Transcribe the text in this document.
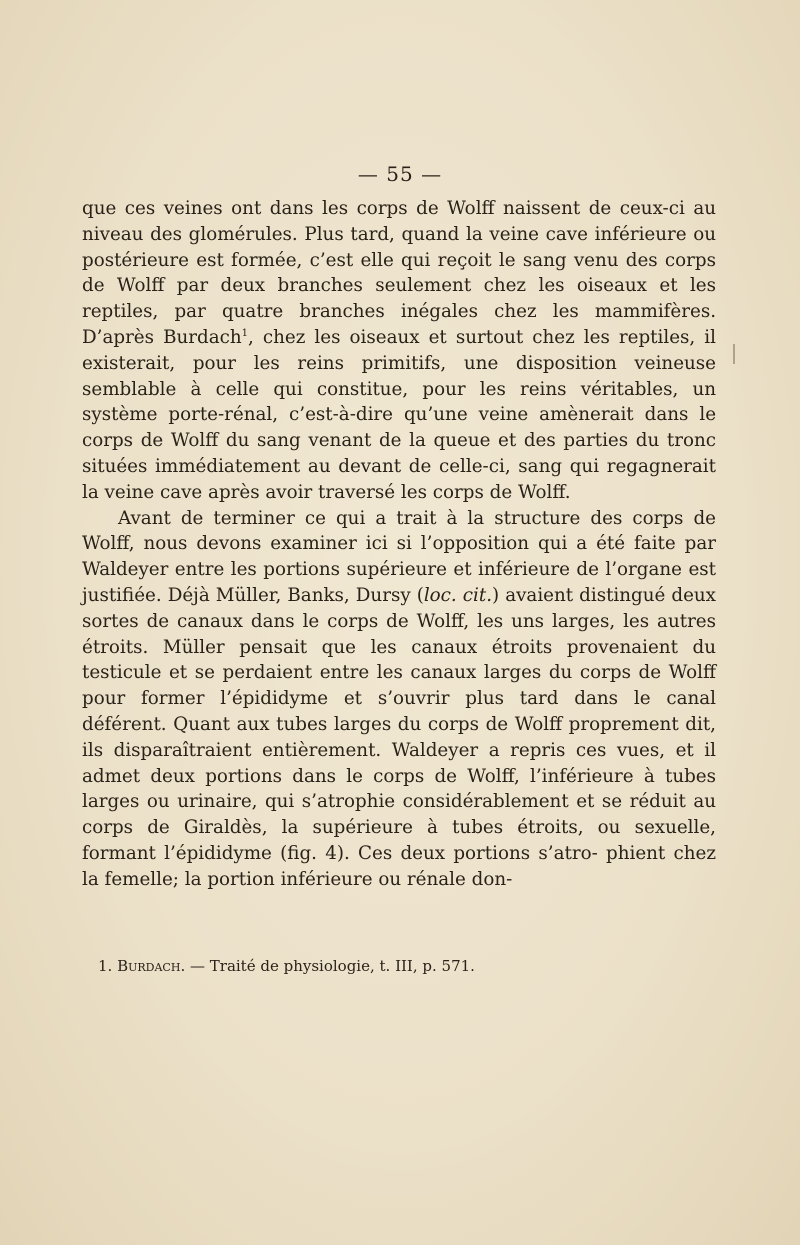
— 55 —

que ces veines ont dans les corps de Wolff naissent de ceux-ci au niveau des glomérules. Plus tard, quand la veine cave inférieure ou postérieure est formée, c’est elle qui reçoit le sang venu des corps de Wolff par deux branches seulement chez les oiseaux et les reptiles, par quatre branches inégales chez les mammifères. D’après Burdach$^1$, chez les oiseaux et surtout chez les reptiles, il existerait, pour les reins primitifs, une disposition veineuse semblable à celle qui constitue, pour les reins véritables, un système porte-rénal, c’est-à-dire qu’une veine amènerait dans le corps de Wolff du sang venant de la queue et des parties du tronc situées immédiatement au devant de celle-ci, sang qui regagnerait la veine cave après avoir traversé les corps de Wolff.

Avant de terminer ce qui a trait à la structure des corps de Wolff, nous devons examiner ici si l’opposition qui a été faite par Waldeyer entre les portions supérieure et inférieure de l’organe est justifiée. Déjà Müller, Banks, Dursy (loc. cit.) avaient distingué deux sortes de canaux dans le corps de Wolff, les uns larges, les autres étroits. Müller pensait que les canaux étroits provenaient du testicule et se perdaient entre les canaux larges du corps de Wolff pour former l’épididyme et s’ouvrir plus tard dans le canal déférent. Quant aux tubes larges du corps de Wolff proprement dit, ils disparaîtraient entièrement. Waldeyer a repris ces vues, et il admet deux portions dans le corps de Wolff, l’inférieure à tubes larges ou urinaire, qui s’atrophie considérablement et se réduit au corps de Giraldès, la supérieure à tubes étroits, ou sexuelle, formant l’épididyme (fig. 4). Ces deux portions s’atro- phient chez la femelle; la portion inférieure ou rénale don-

1. Burdach. — Traité de physiologie, t. III, p. 571.
